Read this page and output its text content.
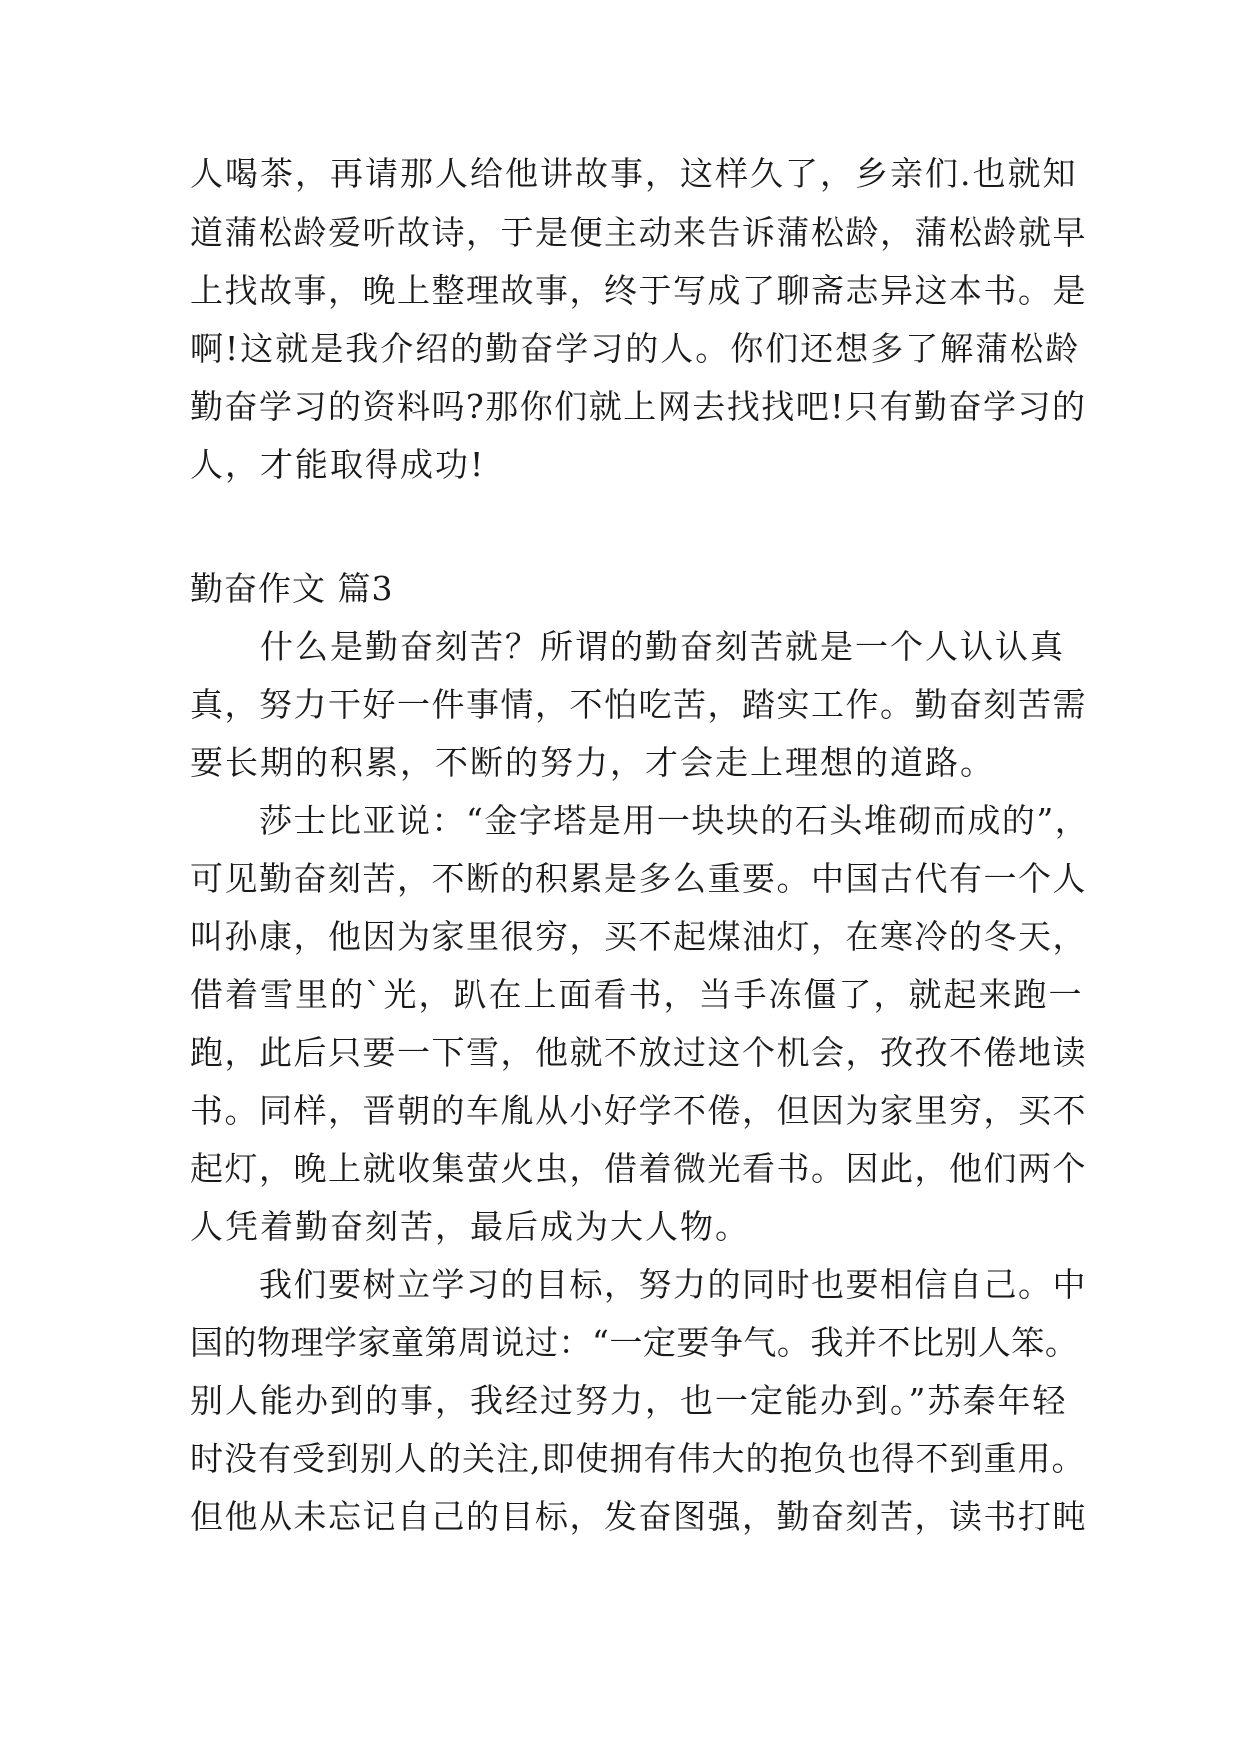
人喝茶，再请那人给他讲故事，这样久了，乡亲们.也就知
道蒲松龄爱听故诗，于是便主动来告诉蒲松龄，蒲松龄就早
上找故事，晚上整理故事，终于写成了聊斋志异这本书。是
啊!这就是我介绍的勤奋学习的人。你们还想多了解蒲松龄
勤奋学习的资料吗?那你们就上网去找找吧!只有勤奋学习的
人，才能取得成功!
勤奋作文 篇3
　　什么是勤奋刻苦？所谓的勤奋刻苦就是一个人认认真
真，努力干好一件事情，不怕吃苦，踏实工作。勤奋刻苦需
要长期的积累，不断的努力，才会走上理想的道路。
　　莎士比亚说：“金字塔是用一块块的石头堆砌而成的”，
可见勤奋刻苦，不断的积累是多么重要。中国古代有一个人
叫孙康，他因为家里很穷，买不起煤油灯，在寒冷的冬天，
借着雪里的`光，趴在上面看书，当手冻僵了，就起来跑一
跑，此后只要一下雪，他就不放过这个机会，孜孜不倦地读
书。同样，晋朝的车胤从小好学不倦，但因为家里穷，买不
起灯，晚上就收集萤火虫，借着微光看书。因此，他们两个
人凭着勤奋刻苦，最后成为大人物。
　　我们要树立学习的目标，努力的同时也要相信自己。中
国的物理学家童第周说过：“一定要争气。我并不比别人笨。
别人能办到的事，我经过努力，也一定能办到。”苏秦年轻
时没有受到别人的关注,即使拥有伟大的抱负也得不到重用。
但他从未忘记自己的目标，发奋图强，勤奋刻苦，读书打盹
